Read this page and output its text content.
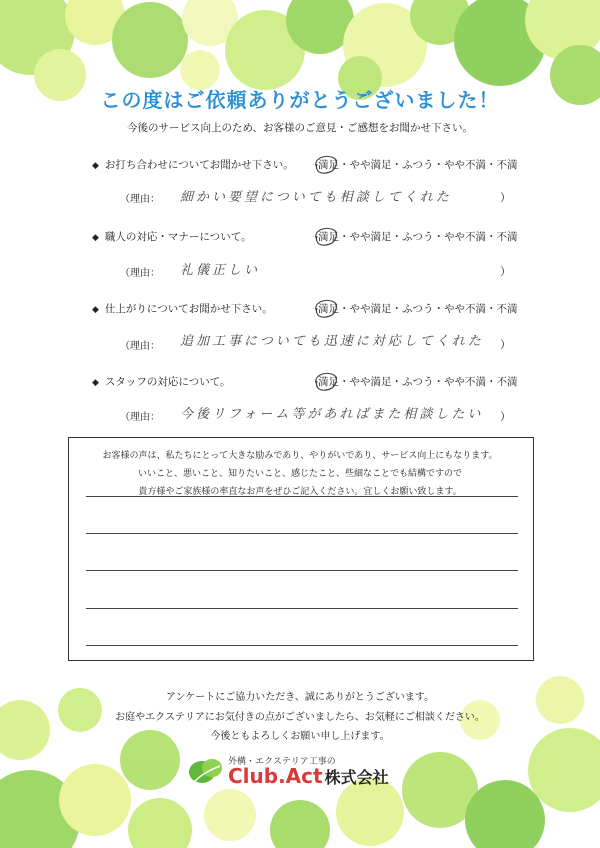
この度はご依頼ありがとうございました！
今後のサービス向上のため、お客様のご意見・ご感想をお聞かせ下さい。
◆ お打ち合わせについてお聞かせ下さい。 満足・やや満足・ふつう・やや不満・不満
（理由： 細かい要望についても相談してくれた	）
◆ 職人の対応・マナーについて。	満足・やや満足・ふつう・やや不満・不満
（理由： 礼儀正しい	）
◆ 仕上がりについてお聞かせ下さい。	満足・やや満足・ふつう・やや不満・不満
（理由： 追加工事についても迅速に対応してくれた ）
◆ スタッフの対応について。	満足・やや満足・ふつう・やや不満・不満
（理由： 今後リフォーム等があればまた相談したい ）
お客様の声は、私たちにとって大きな励みであり、やりがいであり、サービス向上にもなります。
いいこと、悪いこと、知りたいこと、感じたこと、些細なことでも結構ですので
貴方様やご家族様の率直なお声をぜひご記入ください。宜しくお願い致します。
アンケートにご協力いただき、誠にありがとうございます。
お庭やエクステリアにお気付きの点がございましたら、お気軽にご相談ください。
今後ともよろしくお願い申し上げます。
外構・エクステリア工事の
Club.Act 株式会社
